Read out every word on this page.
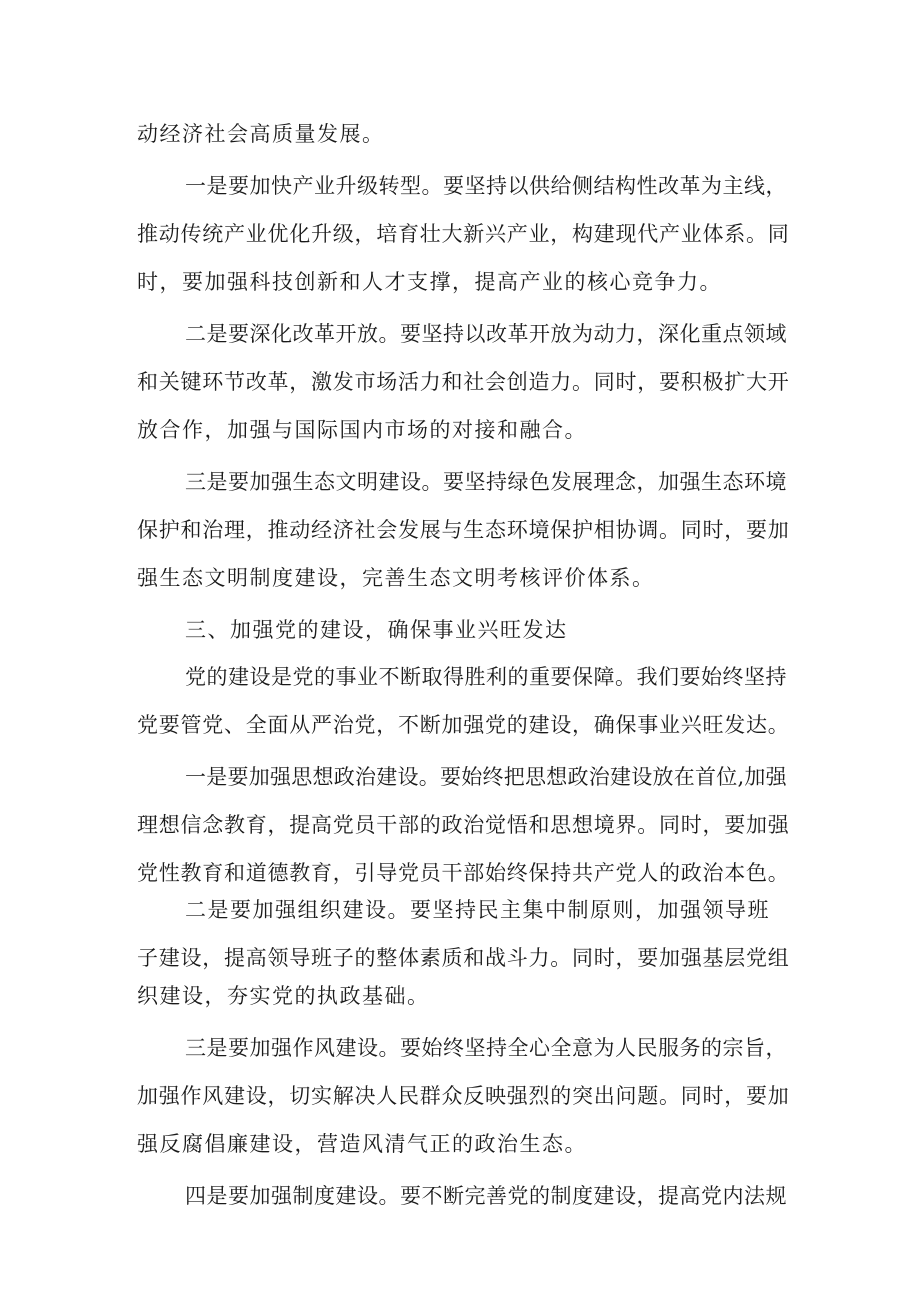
动经济社会高质量发展。

一是要加快产业升级转型。要坚持以供给侧结构性改革为主线，

推动传统产业优化升级，培育壮大新兴产业，构建现代产业体系。同

时，要加强科技创新和人才支撑，提高产业的核心竞争力。

二是要深化改革开放。要坚持以改革开放为动力，深化重点领域

和关键环节改革，激发市场活力和社会创造力。同时，要积极扩大开

放合作，加强与国际国内市场的对接和融合。

三是要加强生态文明建设。要坚持绿色发展理念，加强生态环境

保护和治理，推动经济社会发展与生态环境保护相协调。同时，要加

强生态文明制度建设，完善生态文明考核评价体系。

三、加强党的建设，确保事业兴旺发达

党的建设是党的事业不断取得胜利的重要保障。我们要始终坚持

党要管党、全面从严治党，不断加强党的建设，确保事业兴旺发达。

一是要加强思想政治建设。要始终把思想政治建设放在首位,加强

理想信念教育，提高党员干部的政治觉悟和思想境界。同时，要加强

党性教育和道德教育，引导党员干部始终保持共产党人的政治本色。

二是要加强组织建设。要坚持民主集中制原则，加强领导班

子建设，提高领导班子的整体素质和战斗力。同时，要加强基层党组

织建设，夯实党的执政基础。

三是要加强作风建设。要始终坚持全心全意为人民服务的宗旨，

加强作风建设，切实解决人民群众反映强烈的突出问题。同时，要加

强反腐倡廉建设，营造风清气正的政治生态。

四是要加强制度建设。要不断完善党的制度建设，提高党内法规
